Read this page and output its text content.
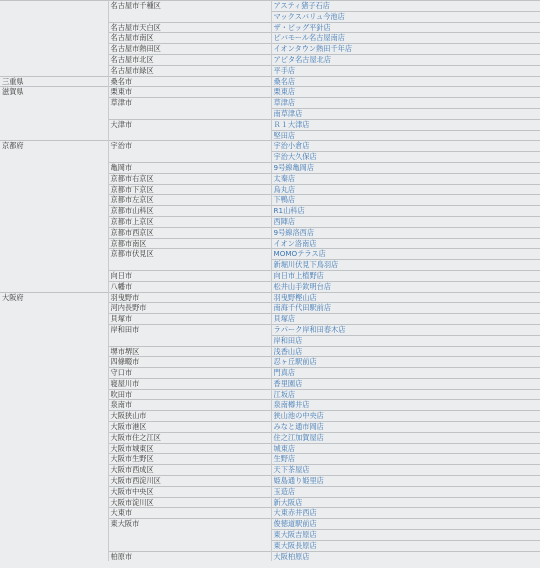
	名古屋市千種区	アスティ猪子石店
		マックスバリュ今池店
	名古屋市天白区	ザ・ビッグ平針店
	名古屋市南区	ピバモール名古屋南店
	名古屋市熱田区	イオンタウン熱田千年店
	名古屋市北区	アピタ名古屋北店
	名古屋市緑区	平手店
三重県	桑名市	桑名店
滋賀県	栗東市	栗東店
	草津市	草津店
		南草津店
	大津市	Ｒ１大津店
		堅田店
京都府	宇治市	宇治小倉店
		宇治大久保店
	亀岡市	9号線亀岡店
	京都市右京区	太秦店
	京都市下京区	烏丸店
	京都市左京区	下鴨店
	京都市山科区	R1山科店
	京都市上京区	西陣店
	京都市西京区	9号線洛西店
	京都市南区	イオン洛南店
	京都市伏見区	MOMOテラス店
		新堀川伏見下鳥羽店
	向日市	向日市上植野店
	八幡市	松井山手欽明台店
大阪府	羽曳野市	羽曳野樫山店
	河内長野市	南海千代田駅前店
	貝塚市	貝塚店
	岸和田市	ラパーク岸和田春木店
		岸和田店
	堺市堺区	浅香山店
	四條畷市	忍ヶ丘駅前店
	守口市	門真店
	寝屋川市	香里園店
	吹田市	江坂店
	泉南市	泉南樽井店
	大阪狭山市	狭山池の中央店
	大阪市港区	みなと通市岡店
	大阪市住之江区	住之江加賀屋店
	大阪市城東区	城東店
	大阪市生野区	生野店
	大阪市西成区	天下茶屋店
	大阪市西淀川区	姫島通り姫里店
	大阪市中央区	玉造店
	大阪市淀川区	新大阪店
	大東市	大東赤井西店
	東大阪市	俊徳道駅前店
		東大阪吉原店
		東大阪長原店
	柏原市	大阪柏原店
